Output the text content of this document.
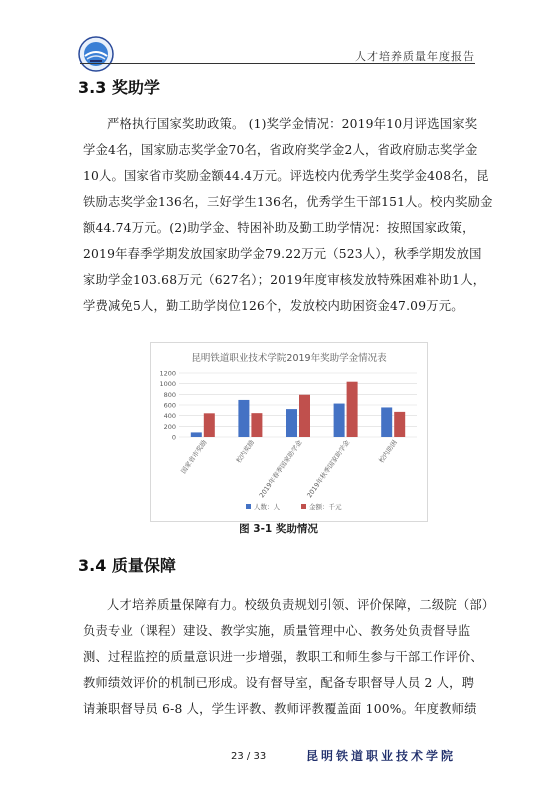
人才培养质量年度报告
3.3 奖助学
严格执行国家奖助政策。 (1)奖学金情况：2019年10月评选国家奖
学金4名，国家励志奖学金70名，省政府奖学金2人，省政府励志奖学金
10人。国家省市奖励金额44.4万元。评选校内优秀学生奖学金408名，昆
铁励志奖学金136名，三好学生136名，优秀学生干部151人。校内奖励金
额44.74万元。(2)助学金、特困补助及勤工助学情况：按照国家政策，
2019年春季学期发放国家助学金79.22万元（523人），秋季学期发放国
家助学金103.68万元（627名）；2019年度审核发放特殊困难补助1人，
学费减免5人，勤工助学岗位126个，发放校内助困资金47.09万元。
昆明铁道职业技术学院2019年奖助学金情况表
0
200
400
600
800
1000
1200
国家省市奖励	校内奖励 2019年春季国家助学金 2019年秋季国家助学金	校内助困
人数：人	金额：千元
图 3-1 奖助情况
3.4 质量保障
人才培养质量保障有力。校级负责规划引领、评价保障，二级院（部）
负责专业（课程）建设、教学实施，质量管理中心、教务处负责督导监
测、过程监控的质量意识进一步增强，教职工和师生参与干部工作评价、
教师绩效评价的机制已形成。设有督导室，配备专职督导人员 2 人，聘
请兼职督导员 6-8 人，学生评教、教师评教覆盖面 100%。年度教师绩
23 / 33	昆明铁道职业技术学院
